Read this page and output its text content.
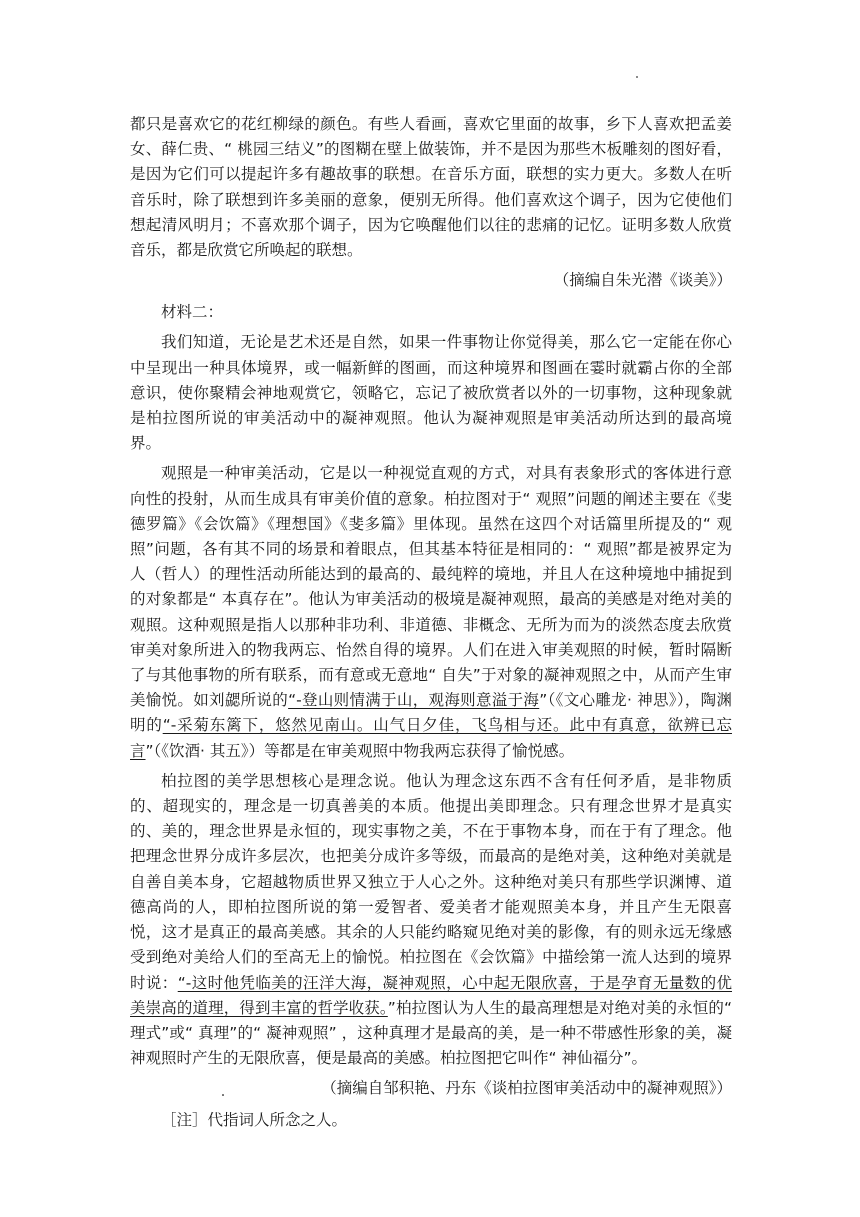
都只是喜欢它的花红柳绿的颜色。有些人看画，喜欢它里面的故事，乡下人喜欢把孟姜女、薛仁贵、“ 桃园三结义”的图糊在壁上做装饰，并不是因为那些木板雕刻的图好看，是因为它们可以提起许多有趣故事的联想。在音乐方面，联想的实力更大。多数人在听音乐时，除了联想到许多美丽的意象，便别无所得。他们喜欢这个调子，因为它使他们想起清风明月；不喜欢那个调子，因为它唤醒他们以往的悲痛的记忆。证明多数人欣赏音乐，都是欣赏它所唤起的联想。

（摘编自朱光潜《谈美》）

材料二：

我们知道，无论是艺术还是自然，如果一件事物让你觉得美，那么它一定能在你心中呈现出一种具体境界，或一幅新鲜的图画，而这种境界和图画在霎时就霸占你的全部意识，使你聚精会神地观赏它，领略它，忘记了被欣赏者以外的一切事物，这种现象就是柏拉图所说的审美活动中的凝神观照。他认为凝神观照是审美活动所达到的最高境界。

观照是一种审美活动，它是以一种视觉直观的方式，对具有表象形式的客体进行意向性的投射，从而生成具有审美价值的意象。柏拉图对于“ 观照”问题的阐述主要在《斐德罗篇》《会饮篇》《理想国》《斐多篇》里体现。虽然在这四个对话篇里所提及的“ 观照”问题，各有其不同的场景和着眼点，但其基本特征是相同的：“ 观照”都是被界定为人（哲人）的理性活动所能达到的最高的、最纯粹的境地，并且人在这种境地中捕捉到的对象都是“ 本真存在”。他认为审美活动的极境是凝神观照，最高的美感是对绝对美的观照。这种观照是指人以那种非功利、非道德、非概念、无所为而为的淡然态度去欣赏审美对象所进入的物我两忘、怡然自得的境界。人们在进入审美观照的时候，暂时隔断了与其他事物的所有联系，而有意或无意地“ 自失”于对象的凝神观照之中，从而产生审美愉悦。如刘勰所说的“-登山则情满于山，观海则意溢于海”（《文心雕龙· 神思》），陶渊明的“-采菊东篱下，悠然见南山。山气日夕佳，飞鸟相与还。此中有真意，欲辨已忘言”（《饮酒· 其五》）等都是在审美观照中物我两忘获得了愉悦感。

柏拉图的美学思想核心是理念说。他认为理念这东西不含有任何矛盾，是非物质的、超现实的，理念是一切真善美的本质。他提出美即理念。只有理念世界才是真实的、美的，理念世界是永恒的，现实事物之美，不在于事物本身，而在于有了理念。他把理念世界分成许多层次，也把美分成许多等级，而最高的是绝对美，这种绝对美就是自善自美本身，它超越物质世界又独立于人心之外。这种绝对美只有那些学识渊博、道德高尚的人，即柏拉图所说的第一爱智者、爱美者才能观照美本身，并且产生无限喜悦，这才是真正的最高美感。其余的人只能约略窥见绝对美的影像，有的则永远无缘感受到绝对美给人们的至高无上的愉悦。柏拉图在《会饮篇》中描绘第一流人达到的境界时说：“-这时他凭临美的汪洋大海，凝神观照，心中起无限欣喜，于是孕育无量数的优美崇高的道理，得到丰富的哲学收获。”柏拉图认为人生的最高理想是对绝对美的永恒的“ 理式”或“ 真理”的“ 凝神观照” ，这种真理才是最高的美，是一种不带感性形象的美，凝神观照时产生的无限欣喜，便是最高的美感。柏拉图把它叫作“ 神仙福分”。

（摘编自邹积艳、丹东《谈柏拉图审美活动中的凝神观照》）

［注］代指词人所念之人。
